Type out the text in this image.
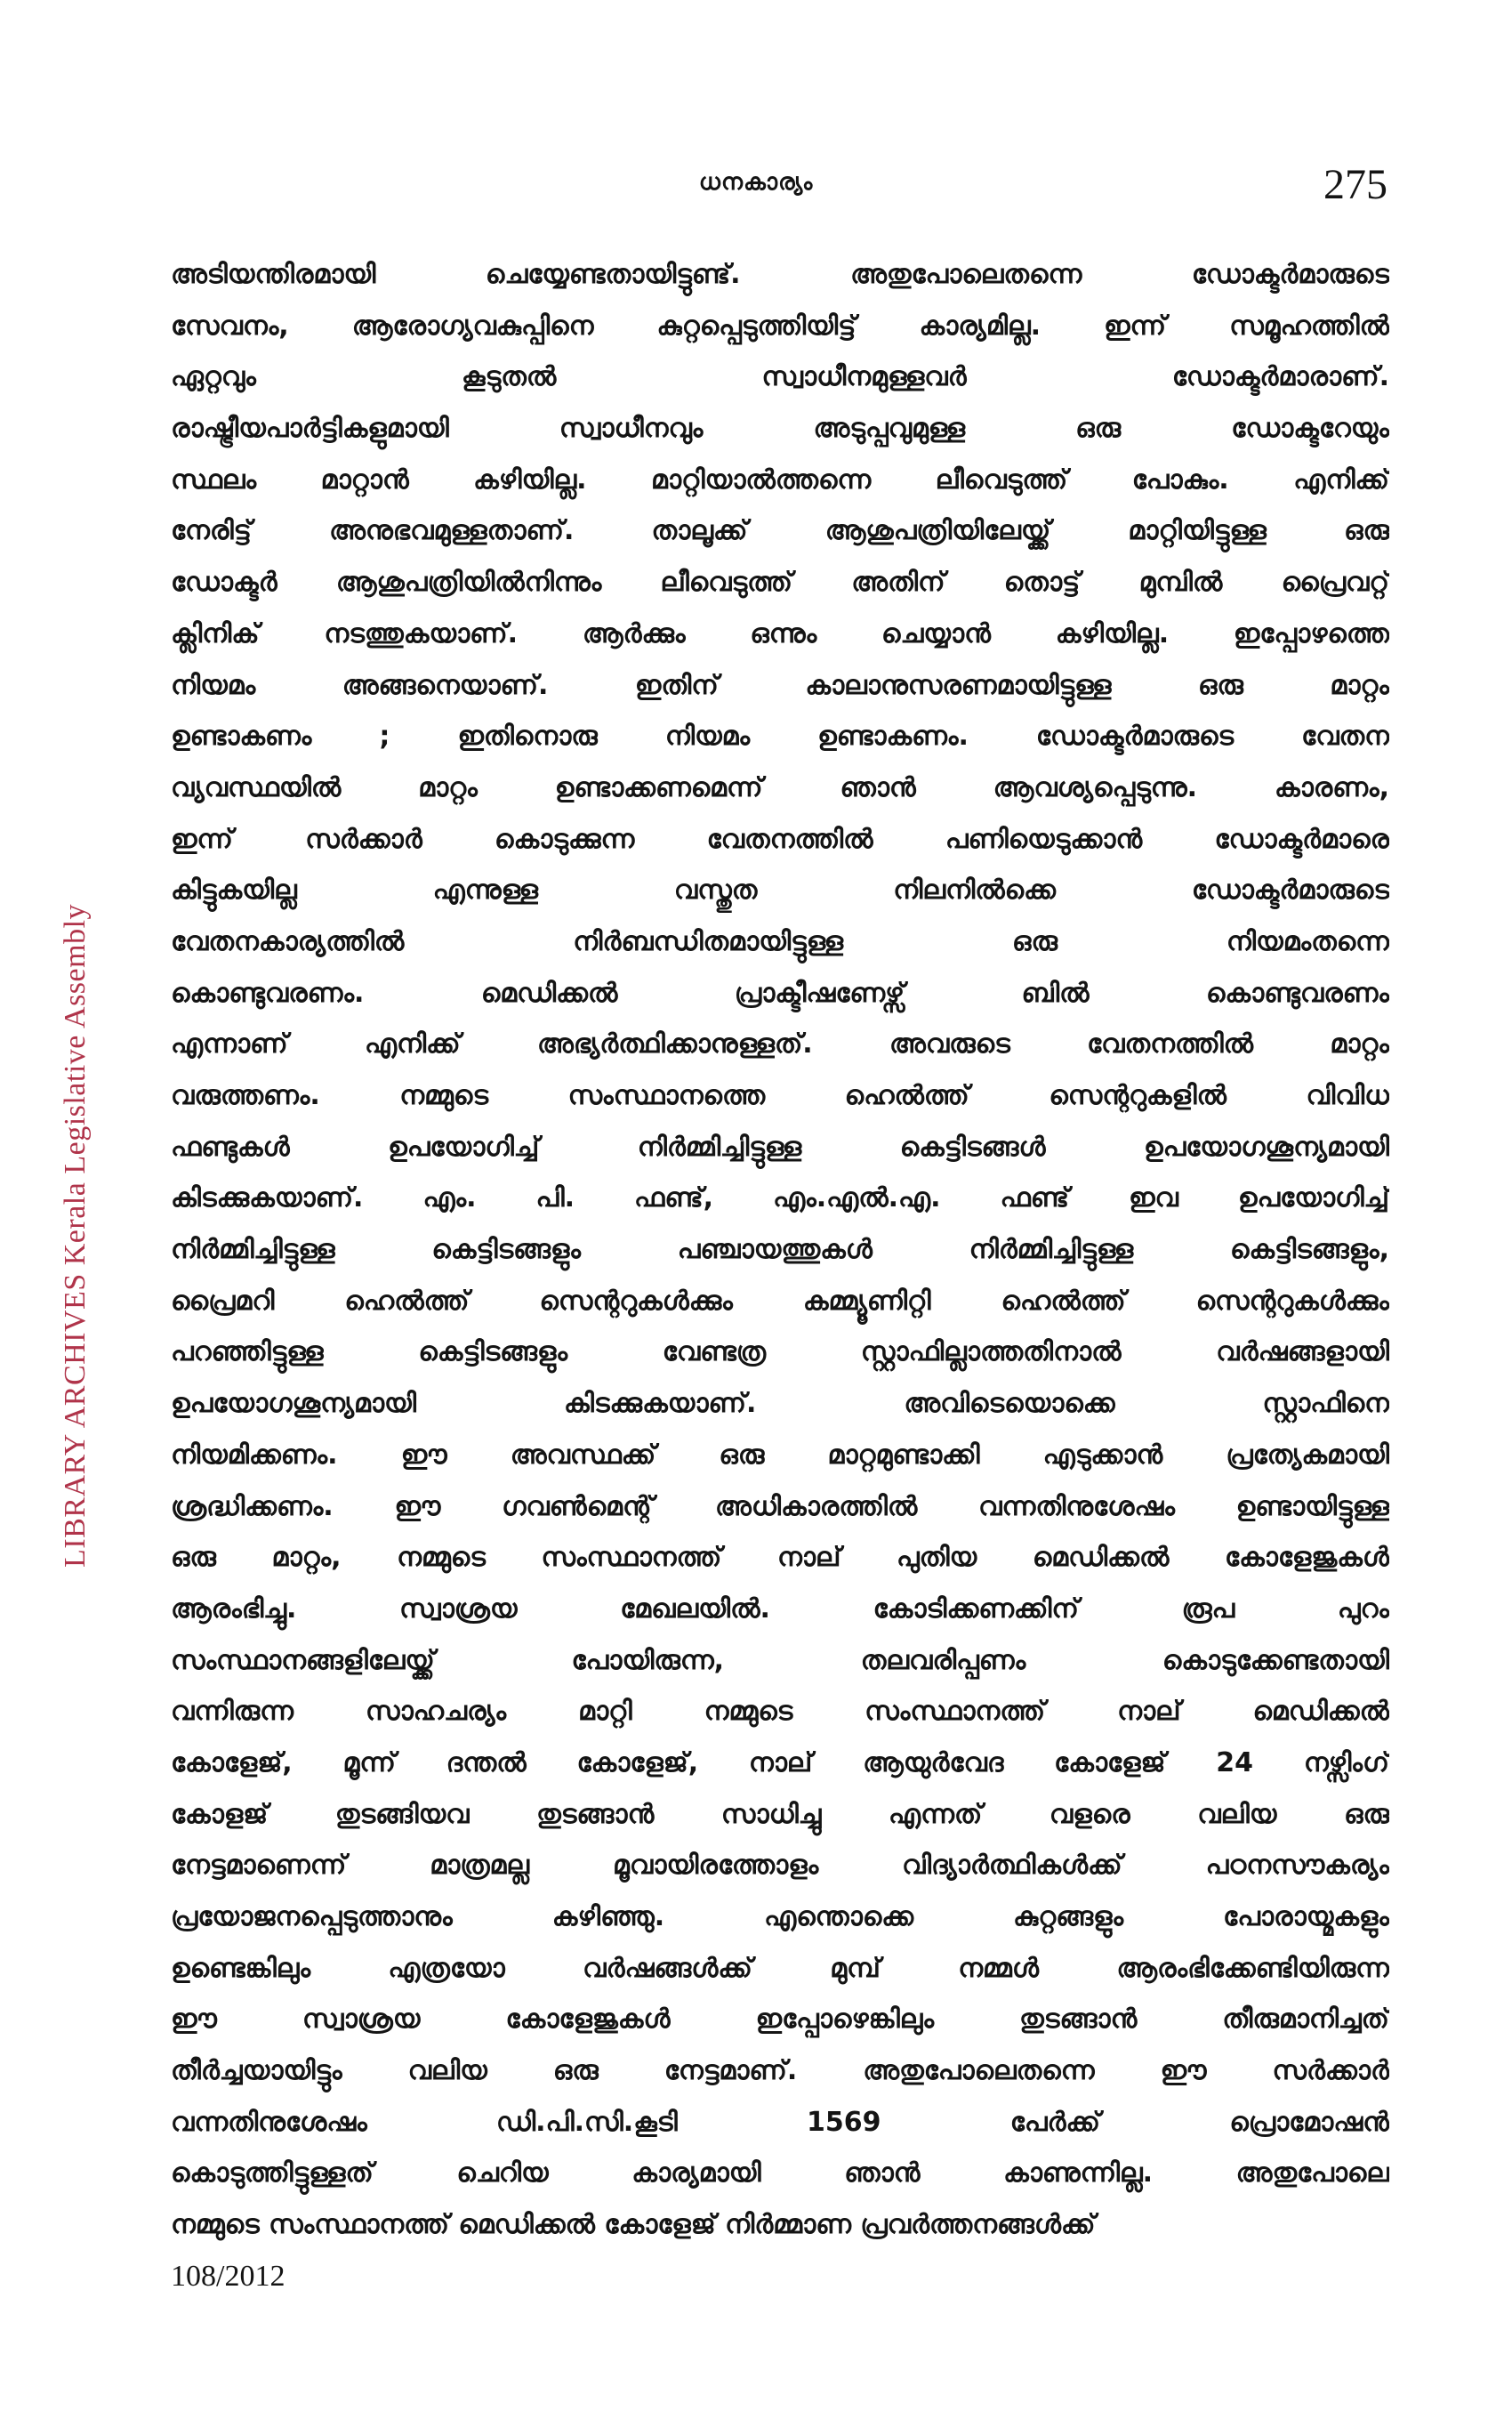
ധനകാര്യം	275
LIBRARY ARCHIVES Kerala Legislative Assembly
അടിയന്തിരമായി ചെയ്യേണ്ടതായിട്ടുണ്ട്. അതുപോലെതന്നെ ഡോക്ടർമാരുടെ
സേവനം, ആരോഗ്യവകുപ്പിനെ കുറ്റപ്പെടുത്തിയിട്ട് കാര്യമില്ല. ഇന്ന് സമൂഹത്തിൽ
ഏറ്റവും കൂടുതൽ സ്വാധീനമുള്ളവർ ഡോക്ടർമാരാണ്.
രാഷ്ട്രീയപാർട്ടികളുമായി സ്വാധീനവും അടുപ്പവുമുള്ള ഒരു ഡോക്ടറേയും
സ്ഥലം മാറ്റാൻ കഴിയില്ല. മാറ്റിയാൽത്തന്നെ ലീവെടുത്ത് പോകും. എനിക്ക്
നേരിട്ട് അനുഭവമുള്ളതാണ്. താലൂക്ക് ആശുപത്രിയിലേയ്ക്ക് മാറ്റിയിട്ടുള്ള ഒരു
ഡോക്ടർ ആശുപത്രിയിൽനിന്നും ലീവെടുത്ത് അതിന് തൊട്ട് മുമ്പിൽ പ്രൈവറ്റ്
ക്ലിനിക് നടത്തുകയാണ്. ആർക്കും ഒന്നും ചെയ്യാൻ കഴിയില്ല. ഇപ്പോഴത്തെ
നിയമം അങ്ങനെയാണ്. ഇതിന് കാലാനുസരണമായിട്ടുള്ള ഒരു മാറ്റം
ഉണ്ടാകണം ; ഇതിനൊരു നിയമം ഉണ്ടാകണം. ഡോക്ടർമാരുടെ വേതന
വ്യവസ്ഥയിൽ മാറ്റം ഉണ്ടാക്കണമെന്ന് ഞാൻ ആവശ്യപ്പെടുന്നു. കാരണം,
ഇന്ന് സർക്കാർ കൊടുക്കുന്ന വേതനത്തിൽ പണിയെടുക്കാൻ ഡോക്ടർമാരെ
കിട്ടുകയില്ല എന്നുള്ള വസ്തുത നിലനിൽക്കെ ഡോക്ടർമാരുടെ
വേതനകാര്യത്തിൽ നിർബന്ധിതമായിട്ടുള്ള ഒരു നിയമംതന്നെ
കൊണ്ടുവരണം. മെഡിക്കൽ പ്രാക്ടീഷണേഴ്സ് ബിൽ കൊണ്ടുവരണം
എന്നാണ് എനിക്ക് അഭ്യർത്ഥിക്കാനുള്ളത്. അവരുടെ വേതനത്തിൽ മാറ്റം
വരുത്തണം. നമ്മുടെ സംസ്ഥാനത്തെ ഹെൽത്ത് സെന്ററുകളിൽ വിവിധ
ഫണ്ടുകൾ ഉപയോഗിച്ച് നിർമ്മിച്ചിട്ടുള്ള കെട്ടിടങ്ങൾ ഉപയോഗശൂന്യമായി
കിടക്കുകയാണ്. എം. പി. ഫണ്ട്, എം.എൽ.എ. ഫണ്ട് ഇവ ഉപയോഗിച്ച്
നിർമ്മിച്ചിട്ടുള്ള കെട്ടിടങ്ങളും പഞ്ചായത്തുകൾ നിർമ്മിച്ചിട്ടുള്ള കെട്ടിടങ്ങളും,
പ്രൈമറി ഹെൽത്ത് സെന്ററുകൾക്കും കമ്മ്യൂണിറ്റി ഹെൽത്ത് സെന്ററുകൾക്കും
പറഞ്ഞിട്ടുള്ള കെട്ടിടങ്ങളും വേണ്ടത്ര സ്റ്റാഫില്ലാത്തതിനാൽ വർഷങ്ങളായി
ഉപയോഗശൂന്യമായി കിടക്കുകയാണ്. അവിടെയൊക്കെ സ്റ്റാഫിനെ
നിയമിക്കണം. ഈ അവസ്ഥക്ക് ഒരു മാറ്റമുണ്ടാക്കി എടുക്കാൻ പ്രത്യേകമായി
ശ്രദ്ധിക്കണം. ഈ ഗവൺമെന്റ് അധികാരത്തിൽ വന്നതിനുശേഷം ഉണ്ടായിട്ടുള്ള
ഒരു മാറ്റം, നമ്മുടെ സംസ്ഥാനത്ത് നാല് പുതിയ മെഡിക്കൽ കോളേജുകൾ
ആരംഭിച്ചു. സ്വാശ്രയ മേഖലയിൽ. കോടിക്കണക്കിന് രൂപ പുറം
സംസ്ഥാനങ്ങളിലേയ്ക്ക് പോയിരുന്ന, തലവരിപ്പണം കൊടുക്കേണ്ടതായി
വന്നിരുന്ന സാഹചര്യം മാറ്റി നമ്മുടെ സംസ്ഥാനത്ത് നാല് മെഡിക്കൽ
കോളേജ്, മൂന്ന് ദന്തൽ കോളേജ്, നാല് ആയുർവേദ കോളേജ് 24 നഴ്സിംഗ്
കോളജ് തുടങ്ങിയവ തുടങ്ങാൻ സാധിച്ചു എന്നത് വളരെ വലിയ ഒരു
നേട്ടമാണെന്ന് മാത്രമല്ല മൂവായിരത്തോളം വിദ്യാർത്ഥികൾക്ക് പഠനസൗകര്യം
പ്രയോജനപ്പെടുത്താനും കഴിഞ്ഞു. എന്തൊക്കെ കുറ്റങ്ങളും പോരായ്മകളും
ഉണ്ടെങ്കിലും എത്രയോ വർഷങ്ങൾക്ക് മുമ്പ് നമ്മൾ ആരംഭിക്കേണ്ടിയിരുന്ന
ഈ സ്വാശ്രയ കോളേജുകൾ ഇപ്പോഴെങ്കിലും തുടങ്ങാൻ തീരുമാനിച്ചത്
തീർച്ചയായിട്ടും വലിയ ഒരു നേട്ടമാണ്. അതുപോലെതന്നെ ഈ സർക്കാർ
വന്നതിനുശേഷം ഡി.പി.സി.കൂടി 1569 പേർക്ക് പ്രൊമോഷൻ
കൊടുത്തിട്ടുള്ളത് ചെറിയ കാര്യമായി ഞാൻ കാണുന്നില്ല. അതുപോലെ
നമ്മുടെ സംസ്ഥാനത്ത് മെഡിക്കൽ കോളേജ് നിർമ്മാണ പ്രവർത്തനങ്ങൾക്ക്
108/2012
